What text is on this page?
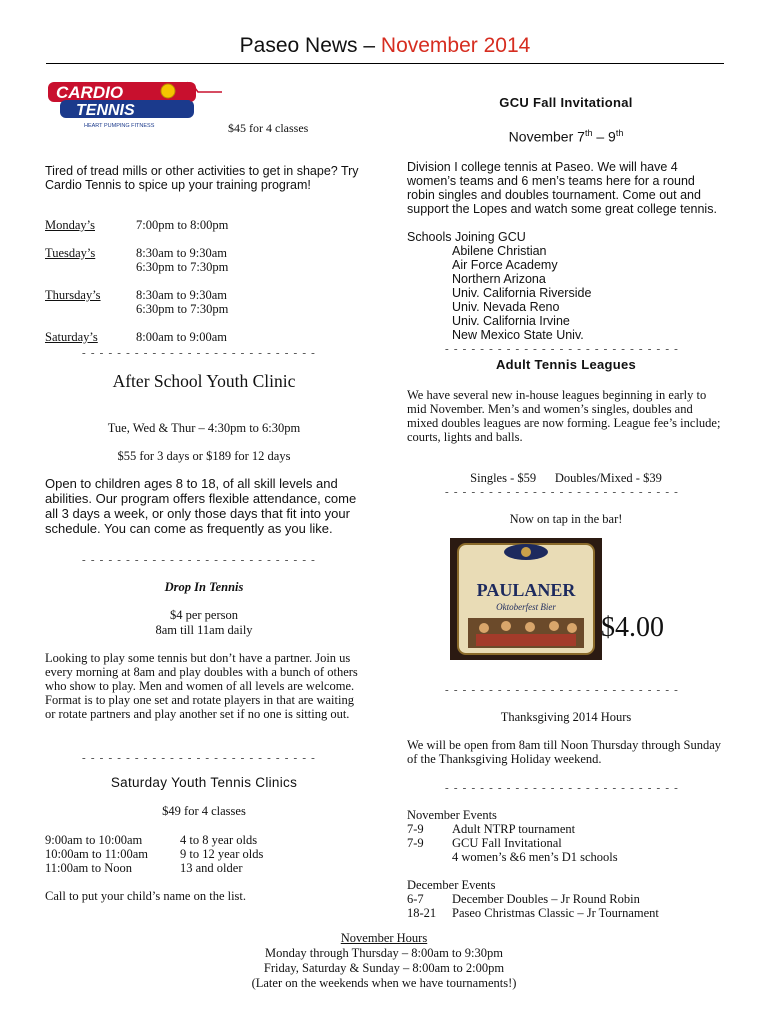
Paseo News – November 2014
CARDIO
TENNIS
HEART PUMPING FITNESS	$45 for 4 classes

Tired of tread mills or other activities to get in shape? Try Cardio Tennis to spice up your training program!

Monday’s	7:00pm to 8:00pm
Tuesday’s	8:30am to 9:30am
6:30pm to 7:30pm
Thursday’s	8:30am to 9:30am
6:30pm to 7:30pm
Saturday’s	8:00am to 9:00am
- - - - - - - - - - - - - - - - - - - - - - - - - - -
After School Youth Clinic
Tue, Wed & Thur – 4:30pm to 6:30pm
$55 for 3 days or $189 for 12 days

Open to children ages 8 to 18, of all skill levels and abilities. Our program offers flexible attendance, come all 3 days a week, or only those days that fit into your schedule. You can come as frequently as you like.

- - - - - - - - - - - - - - - - - - - - - - - - - - -
Drop In Tennis
$4 per person
8am till 11am daily

Looking to play some tennis but don’t have a partner. Join us every morning at 8am and play doubles with a bunch of others who show to play. Men and women of all levels are welcome. Format is to play one set and rotate players in that are waiting or rotate partners and play another set if no one is sitting out.

- - - - - - - - - - - - - - - - - - - - - - - - - - -
Saturday Youth Tennis Clinics
$49 for 4 classes
9:00am to 10:00am	4 to 8 year olds
10:00am to 11:00am	9 to 12 year olds
11:00am to Noon	13 and older
Call to put your child’s name on the list.
GCU Fall Invitational
November 7th – 9th

Division I college tennis at Paseo. We will have 4 women’s teams and 6 men’s teams here for a round robin singles and doubles tournament. Come out and support the Lopes and watch some great college tennis.

Schools Joining GCU
Abilene Christian
Air Force Academy
Northern Arizona
Univ. California Riverside
Univ. Nevada Reno
Univ. California Irvine
New Mexico State Univ.
- - - - - - - - - - - - - - - - - - - - - - - - - - -
Adult Tennis Leagues

We have several new in-house leagues beginning in early to mid November. Men’s and women’s singles, doubles and mixed doubles leagues are now forming. League fee’s include; courts, lights and balls.

Singles - $59      Doubles/Mixed - $39
- - - - - - - - - - - - - - - - - - - - - - - - - - -
Now on tap in the bar!
PAULANER
Oktoberfest Bier
$4.00
- - - - - - - - - - - - - - - - - - - - - - - - - - -
Thanksgiving 2014 Hours

We will be open from 8am till Noon Thursday through Sunday of the Thanksgiving Holiday weekend.

- - - - - - - - - - - - - - - - - - - - - - - - - - -
November Events
7-9	Adult NTRP tournament
7-9	GCU Fall Invitational
4 women’s &6 men’s D1 schools
December Events
6-7	December Doubles – Jr Round Robin
18-21	Paseo Christmas Classic – Jr Tournament
November Hours
Monday through Thursday – 8:00am to 9:30pm
Friday, Saturday & Sunday – 8:00am to 2:00pm
(Later on the weekends when we have tournaments!)
